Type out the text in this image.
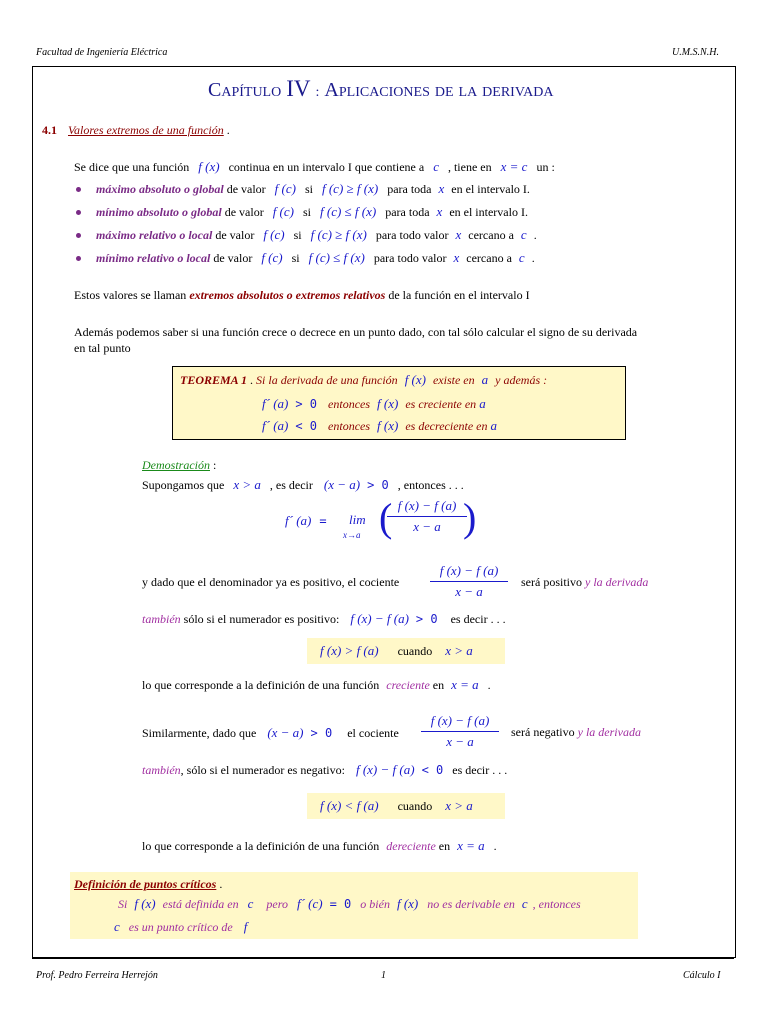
Facultad de Ingeniería Eléctrica	U.M.S.N.H.
Capítulo IV : Aplicaciones de la derivada
4.1 Valores extremos de una función .
Se dice que una función f (x) continua en un intervalo I que contiene a c , tiene en x = c un :
máximo absoluto o global de valor f (c) si f (c) ≥ f (x) para toda x en el intervalo I.
mínimo absoluto o global de valor f (c) si f (c) ≤ f (x) para toda x en el intervalo I.
máximo relativo o local de valor f (c) si f (c) ≥ f (x) para todo valor x cercano a c .
mínimo relativo o local de valor f (c) si f (c) ≤ f (x) para todo valor x cercano a c .
Estos valores se llaman extremos absolutos o extremos relativos de la función en el intervalo I
Además podemos saber si una función crece o decrece en un punto dado, con tal sólo calcular el signo de su derivada
en tal punto
TEOREMA 1 . Si la derivada de una función f (x) existe en a y además :
f´ (a) > 0 entonces f (x) es creciente en a
f´ (a) < 0 entonces f (x) es decreciente en a
Demostración :
Supongamos que x > a , es decir (x − a) > 0 , entonces . . .
f´ (a) = lim
x→a ( f (x) − f (a)
x − a )
y dado que el denominador ya es positivo, el cociente
f (x) − f (a)
x − a
será positivo y la derivada
también sólo si el numerador es positivo: f (x) − f (a) > 0 es decir . . .
f (x) > f (a) cuando x > a
lo que corresponde a la definición de una función creciente en x = a .
Similarmente, dado que (x − a) > 0 el cociente
f (x) − f (a)
x − a
será negativo y la derivada
también, sólo si el numerador es negativo: f (x) − f (a) < 0 es decir . . .
f (x) < f (a) cuando x > a
lo que corresponde a la definición de una función dereciente en x = a .
Definición de puntos críticos .
Si f (x) está definida en c pero f´ (c) = 0 o bién f (x) no es derivable en c , entonces
c es un punto crítico de f
Prof. Pedro Ferreira Herrejón	1	Cálculo I
